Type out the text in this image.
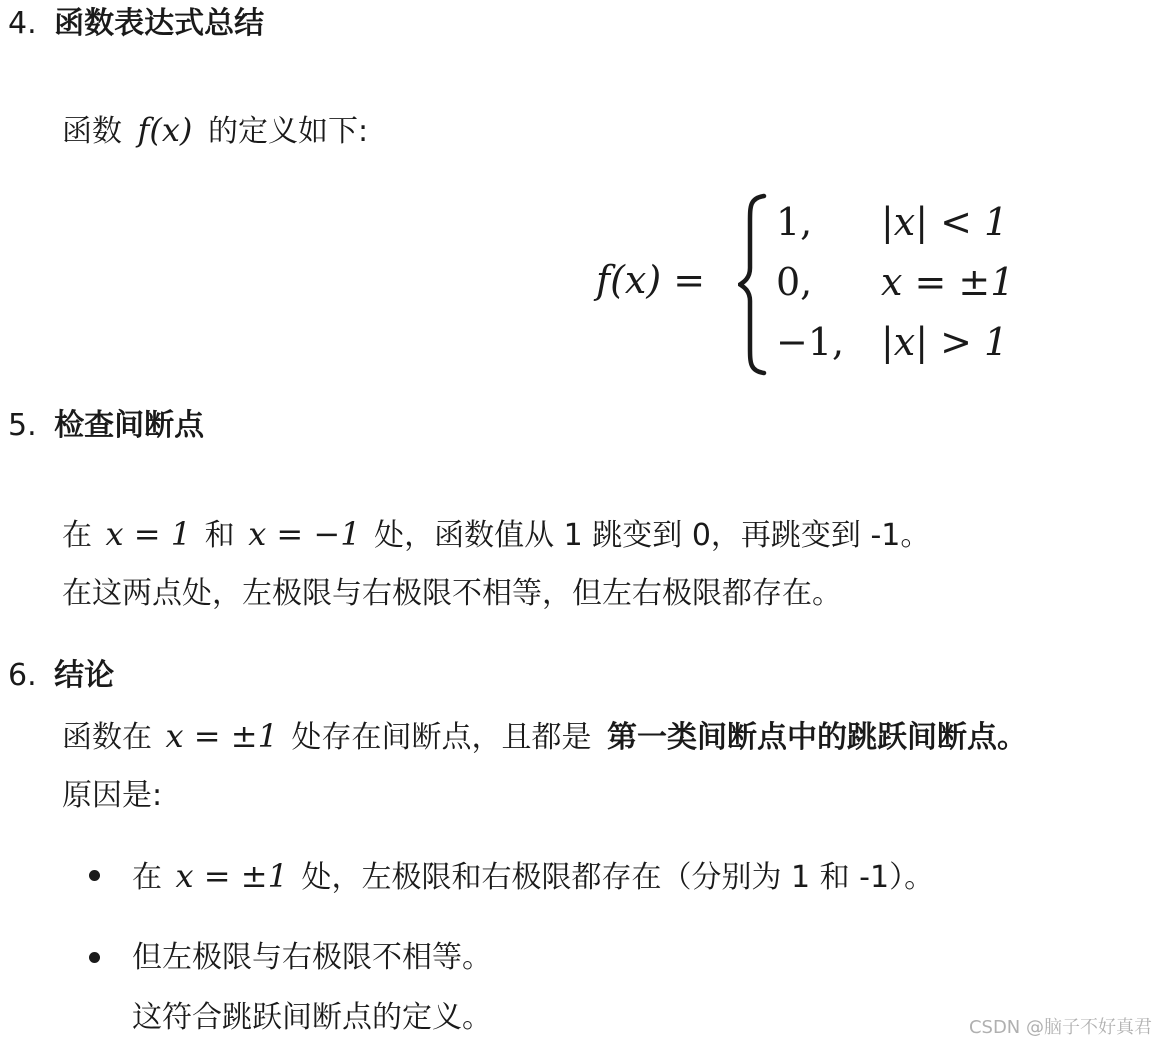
4. 函数表达式总结
函数 f(x) 的定义如下:
f(x) =
1, |x| < 1
0, x = ±1
−1, |x| > 1
5. 检查间断点
在 x = 1 和 x = −1 处，函数值从 1 跳变到 0，再跳变到 -1。
在这两点处，左极限与右极限不相等，但左右极限都存在。
6. 结论
函数在 x = ±1 处存在间断点，且都是 第一类间断点中的跳跃间断点。
原因是:
在 x = ±1 处，左极限和右极限都存在（分别为 1 和 -1）。
但左极限与右极限不相等。
这符合跳跃间断点的定义。	CSDN @脑子不好真君
